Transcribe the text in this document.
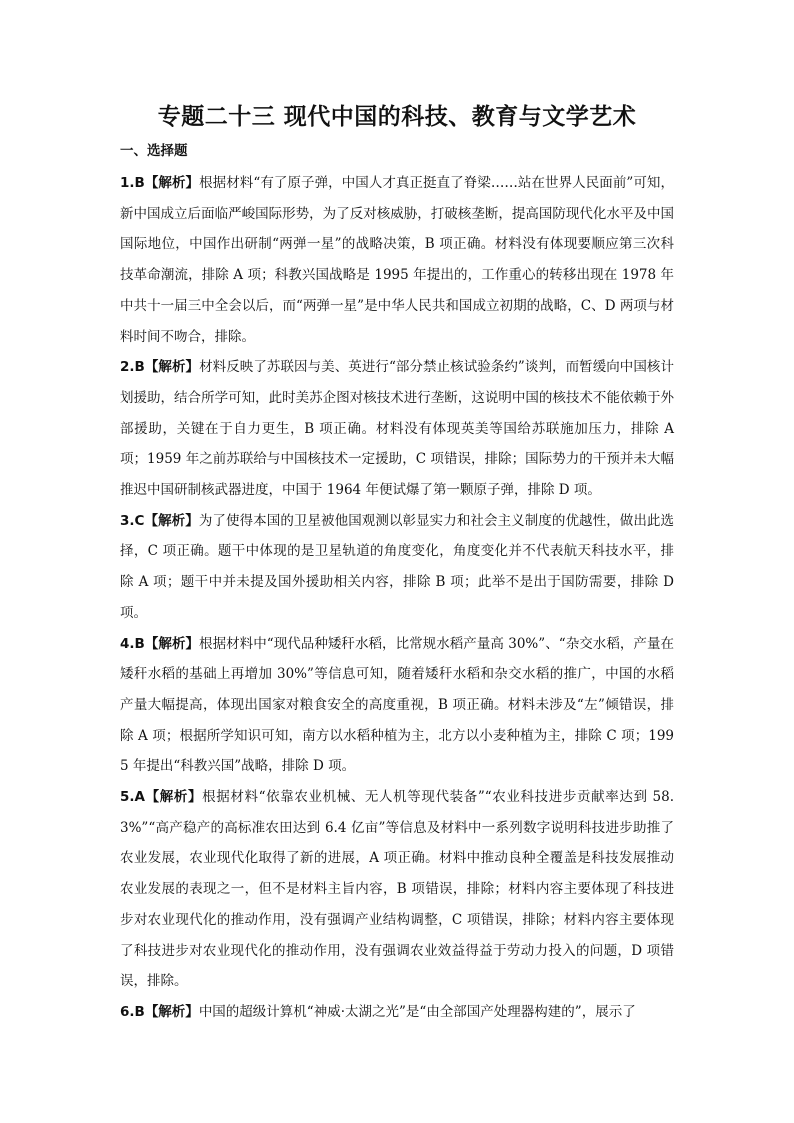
专题二十三 现代中国的科技、教育与文学艺术
一、选择题
1.B【解析】根据材料“有了原子弹，中国人才真正挺直了脊梁……站在世界人民面前”可知，新中国成立后面临严峻国际形势，为了反对核威胁，打破核垄断，提高国防现代化水平及中国国际地位，中国作出研制“两弹一星”的战略决策，B 项正确。材料没有体现要顺应第三次科技革命潮流，排除 A 项；科教兴国战略是 1995 年提出的，工作重心的转移出现在 1978 年中共十一届三中全会以后，而“两弹一星”是中华人民共和国成立初期的战略，C、D 两项与材料时间不吻合，排除。
2.B【解析】材料反映了苏联因与美、英进行“部分禁止核试验条约”谈判，而暂缓向中国核计划援助，结合所学可知，此时美苏企图对核技术进行垄断，这说明中国的核技术不能依赖于外部援助，关键在于自力更生，B 项正确。材料没有体现英美等国给苏联施加压力，排除 A 项；1959 年之前苏联给与中国核技术一定援助，C 项错误，排除；国际势力的干预并未大幅推迟中国研制核武器进度，中国于 1964 年便试爆了第一颗原子弹，排除 D 项。
3.C【解析】为了使得本国的卫星被他国观测以彰显实力和社会主义制度的优越性，做出此选择，C 项正确。题干中体现的是卫星轨道的角度变化，角度变化并不代表航天科技水平，排除 A 项；题干中并未提及国外援助相关内容，排除 B 项；此举不是出于国防需要，排除 D 项。
4.B【解析】根据材料中“现代品种矮秆水稻，比常规水稻产量高 30%”、“杂交水稻，产量在矮秆水稻的基础上再增加 30%”等信息可知，随着矮秆水稻和杂交水稻的推广，中国的水稻产量大幅提高，体现出国家对粮食安全的高度重视，B 项正确。材料未涉及“左”倾错误，排除 A 项；根据所学知识可知，南方以水稻种植为主，北方以小麦种植为主，排除 C 项；1995 年提出“科教兴国”战略，排除 D 项。
5.A【解析】根据材料“依靠农业机械、无人机等现代装备”“农业科技进步贡献率达到 58.3%”“高产稳产的高标准农田达到 6.4 亿亩”等信息及材料中一系列数字说明科技进步助推了农业发展，农业现代化取得了新的进展，A 项正确。材料中推动良种全覆盖是科技发展推动农业发展的表现之一，但不是材料主旨内容，B 项错误，排除；材料内容主要体现了科技进步对农业现代化的推动作用，没有强调产业结构调整，C 项错误，排除；材料内容主要体现了科技进步对农业现代化的推动作用，没有强调农业效益得益于劳动力投入的问题，D 项错误，排除。
6.B【解析】中国的超级计算机“神威·太湖之光”是“由全部国产处理器构建的”，展示了
